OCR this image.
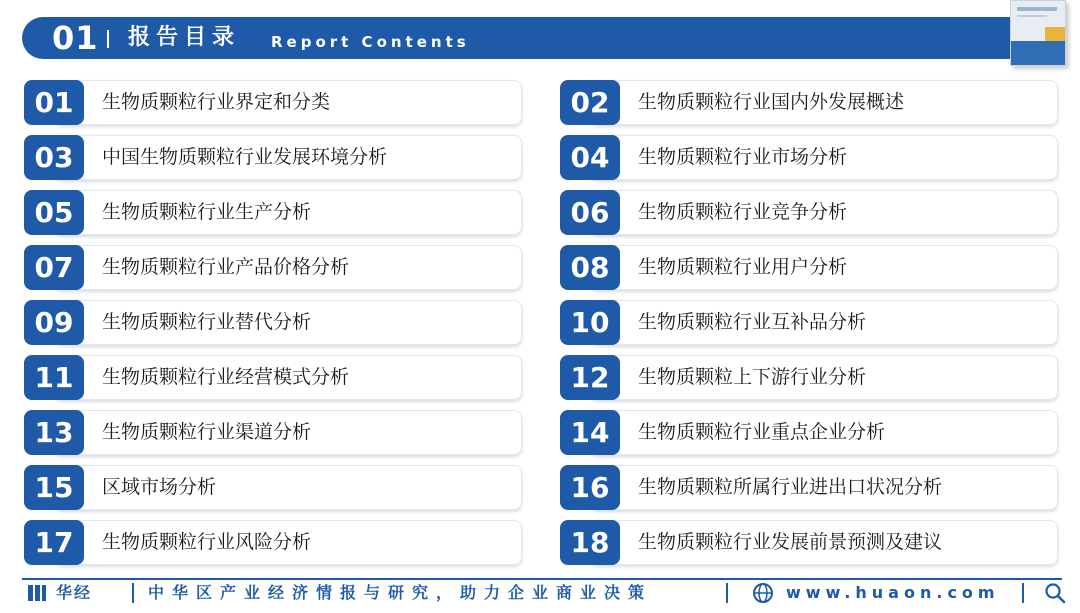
01 报告目录 Report Contents
01	生物质颗粒行业界定和分类	02	生物质颗粒行业国内外发展概述
03	中国生物质颗粒行业发展环境分析	04	生物质颗粒行业市场分析
05	生物质颗粒行业生产分析	06	生物质颗粒行业竞争分析
07	生物质颗粒行业产品价格分析	08	生物质颗粒行业用户分析
09	生物质颗粒行业替代分析	10	生物质颗粒行业互补品分析
11	生物质颗粒行业经营模式分析	12	生物质颗粒上下游行业分析
13	生物质颗粒行业渠道分析	14	生物质颗粒行业重点企业分析
15	区域市场分析	16	生物质颗粒所属行业进出口状况分析
17	生物质颗粒行业风险分析	18	生物质颗粒行业发展前景预测及建议
华经	中华区产业经济情报与研究，助力企业商业决策	www.huaon.com
